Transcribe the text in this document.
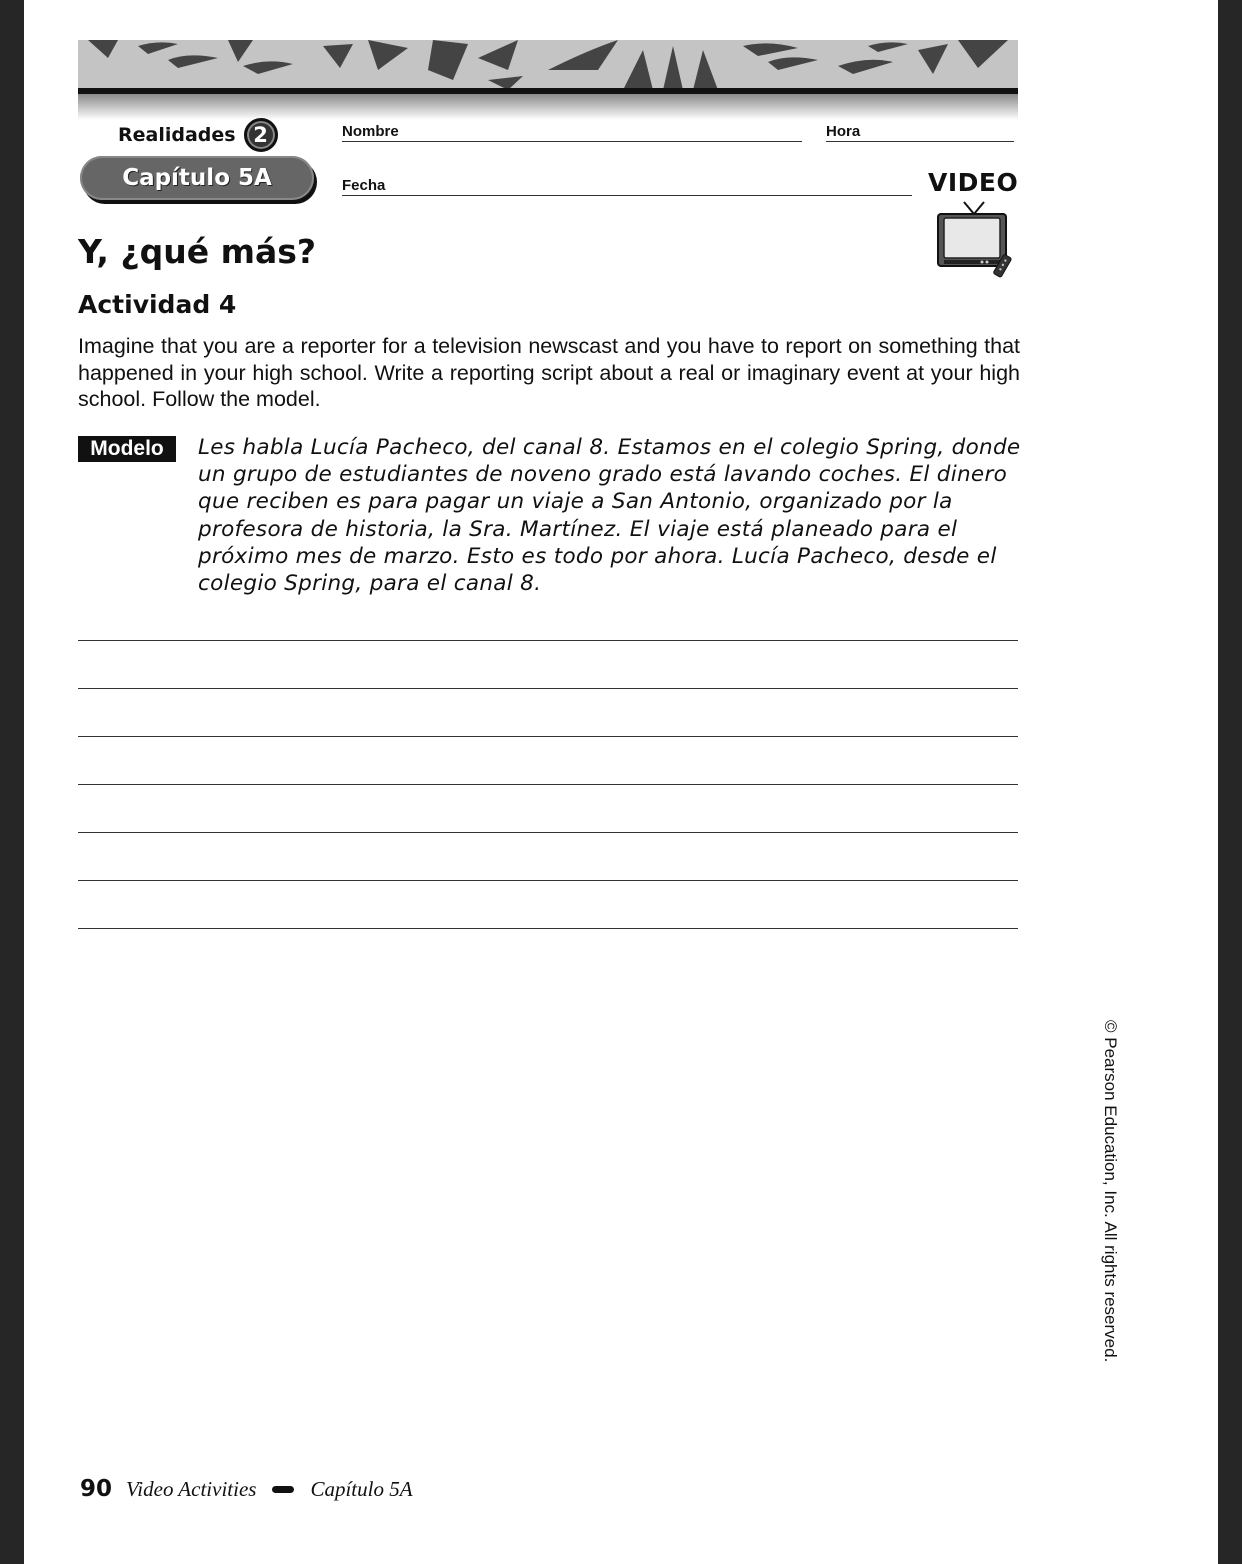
Realidades 2
Capítulo 5A
Nombre	Hora
Fecha	VIDEO
Y, ¿qué más?
Actividad 4

Imagine that you are a reporter for a television newscast and you have to report on something that happened in your high school. Write a reporting script about a real or imaginary event at your high school. Follow the model.

Modelo	Les habla Lucía Pacheco, del canal 8. Estamos en el colegio Spring, donde un grupo de estudiantes de noveno grado está lavando coches. El dinero que reciben es para pagar un viaje a San Antonio, organizado por la profesora de historia, la Sra. Martínez. El viaje está planeado para el próximo mes de marzo. Esto es todo por ahora. Lucía Pacheco, desde el colegio Spring, para el canal 8.

© Pearson Education, Inc. All rights reserved.
90 Video Activities	Capítulo 5A
